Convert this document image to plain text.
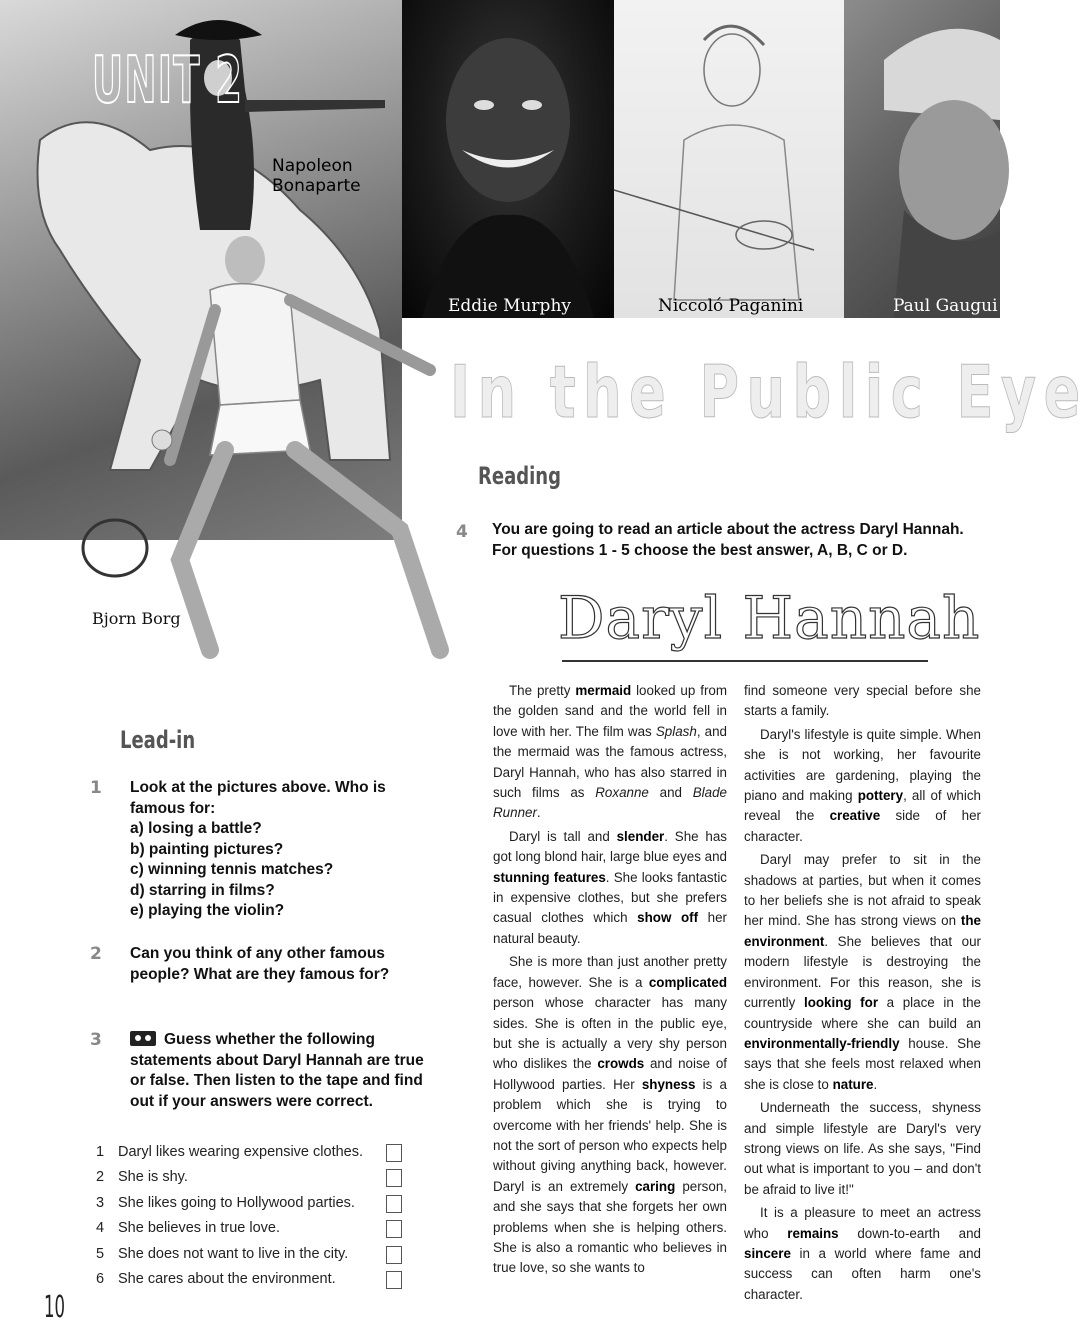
UNIT 2
Napoleon Bonaparte
Eddie Murphy	Niccoló Paganini	Paul Gaugui
Bjorn Borg
In the Public Eye
Reading
4 You are going to read an article about the actress Daryl Hannah. For questions 1 - 5 choose the best answer, A, B, C or D.
Daryl Hannah

The pretty mermaid looked up from the golden sand and the world fell in love with her. The film was Splash, and the mermaid was the famous actress, Daryl Hannah, who has also starred in such films as Roxanne and Blade Runner.

Daryl is tall and slender. She has got long blond hair, large blue eyes and stunning features. She looks fantastic in expensive clothes, but she prefers casual clothes which show off her natural beauty.

She is more than just another pretty face, however. She is a complicated person whose character has many sides. She is often in the public eye, but she is actually a very shy person who dislikes the crowds and noise of Hollywood parties. Her shyness is a problem which she is trying to overcome with her friends' help. She is not the sort of person who expects help without giving anything back, however. Daryl is an extremely caring person, and she says that she forgets her own problems when she is helping others. She is also a romantic who believes in true love, so she wants to

find someone very special before she starts a family.

Daryl's lifestyle is quite simple. When she is not working, her favourite activities are gardening, playing the piano and making pottery, all of which reveal the creative side of her character.

Daryl may prefer to sit in the shadows at parties, but when it comes to her beliefs she is not afraid to speak her mind. She has strong views on the environment. She believes that our modern lifestyle is destroying the environment. For this reason, she is currently looking for a place in the countryside where she can build an environmentally-friendly house. She says that she feels most relaxed when she is close to nature.

Underneath the success, shyness and simple lifestyle are Daryl's very strong views on life. As she says, "Find out what is important to you – and don't be afraid to live it!"

It is a pleasure to meet an actress who remains down-to-earth and sincere in a world where fame and success can often harm one's character.

Lead-in
1 Look at the pictures above. Who is famous for:
a) losing a battle?
b) painting pictures?
c) winning tennis matches?
d) starring in films?
e) playing the violin?
2 Can you think of any other famous people? What are they famous for?
3	Guess whether the following statements about Daryl Hannah are true or false. Then listen to the tape and find out if your answers were correct.
1 Daryl likes wearing expensive clothes.
2 She is shy.
3 She likes going to Hollywood parties.
4 She believes in true love.
5 She does not want to live in the city.
6 She cares about the environment.
10
